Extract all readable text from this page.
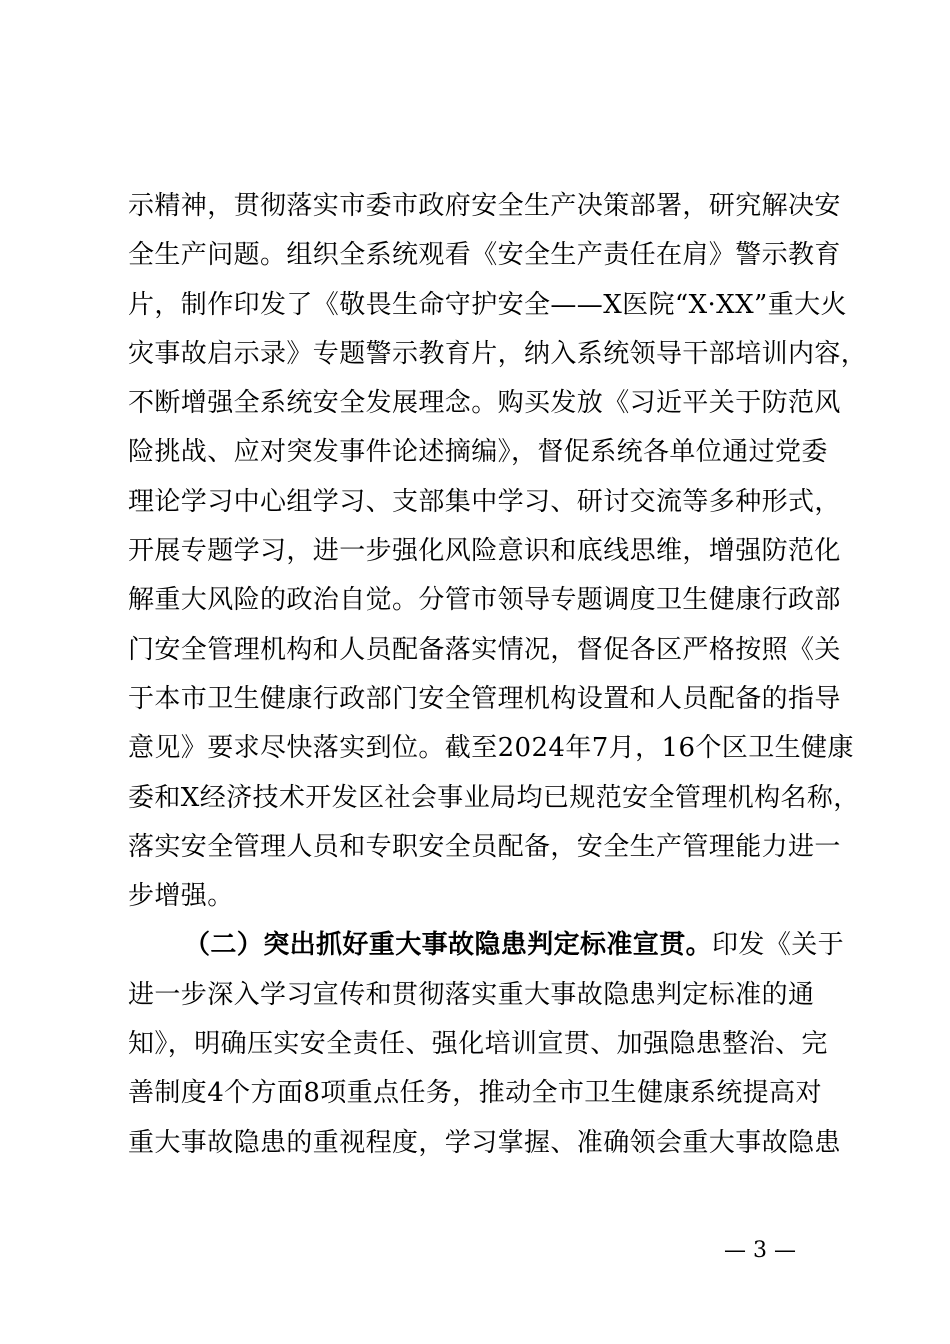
示精神，贯彻落实市委市政府安全生产决策部署，研究解决安
全生产问题。组织全系统观看《安全生产责任在肩》警示教育
片，制作印发了《敬畏生命守护安全——X医院“X·XX”重大火
灾事故启示录》专题警示教育片，纳入系统领导干部培训内容，
不断增强全系统安全发展理念。购买发放《习近平关于防范风
险挑战、应对突发事件论述摘编》，督促系统各单位通过党委
理论学习中心组学习、支部集中学习、研讨交流等多种形式，
开展专题学习，进一步强化风险意识和底线思维，增强防范化
解重大风险的政治自觉。分管市领导专题调度卫生健康行政部
门安全管理机构和人员配备落实情况，督促各区严格按照《关
于本市卫生健康行政部门安全管理机构设置和人员配备的指导
意见》要求尽快落实到位。截至2024年7月，16个区卫生健康
委和X经济技术开发区社会事业局均已规范安全管理机构名称，
落实安全管理人员和专职安全员配备，安全生产管理能力进一
步增强。
（二）突出抓好重大事故隐患判定标准宣贯。印发《关于
进一步深入学习宣传和贯彻落实重大事故隐患判定标准的通
知》，明确压实安全责任、强化培训宣贯、加强隐患整治、完
善制度4个方面8项重点任务，推动全市卫生健康系统提高对
重大事故隐患的重视程度，学习掌握、准确领会重大事故隐患
— 3 —
